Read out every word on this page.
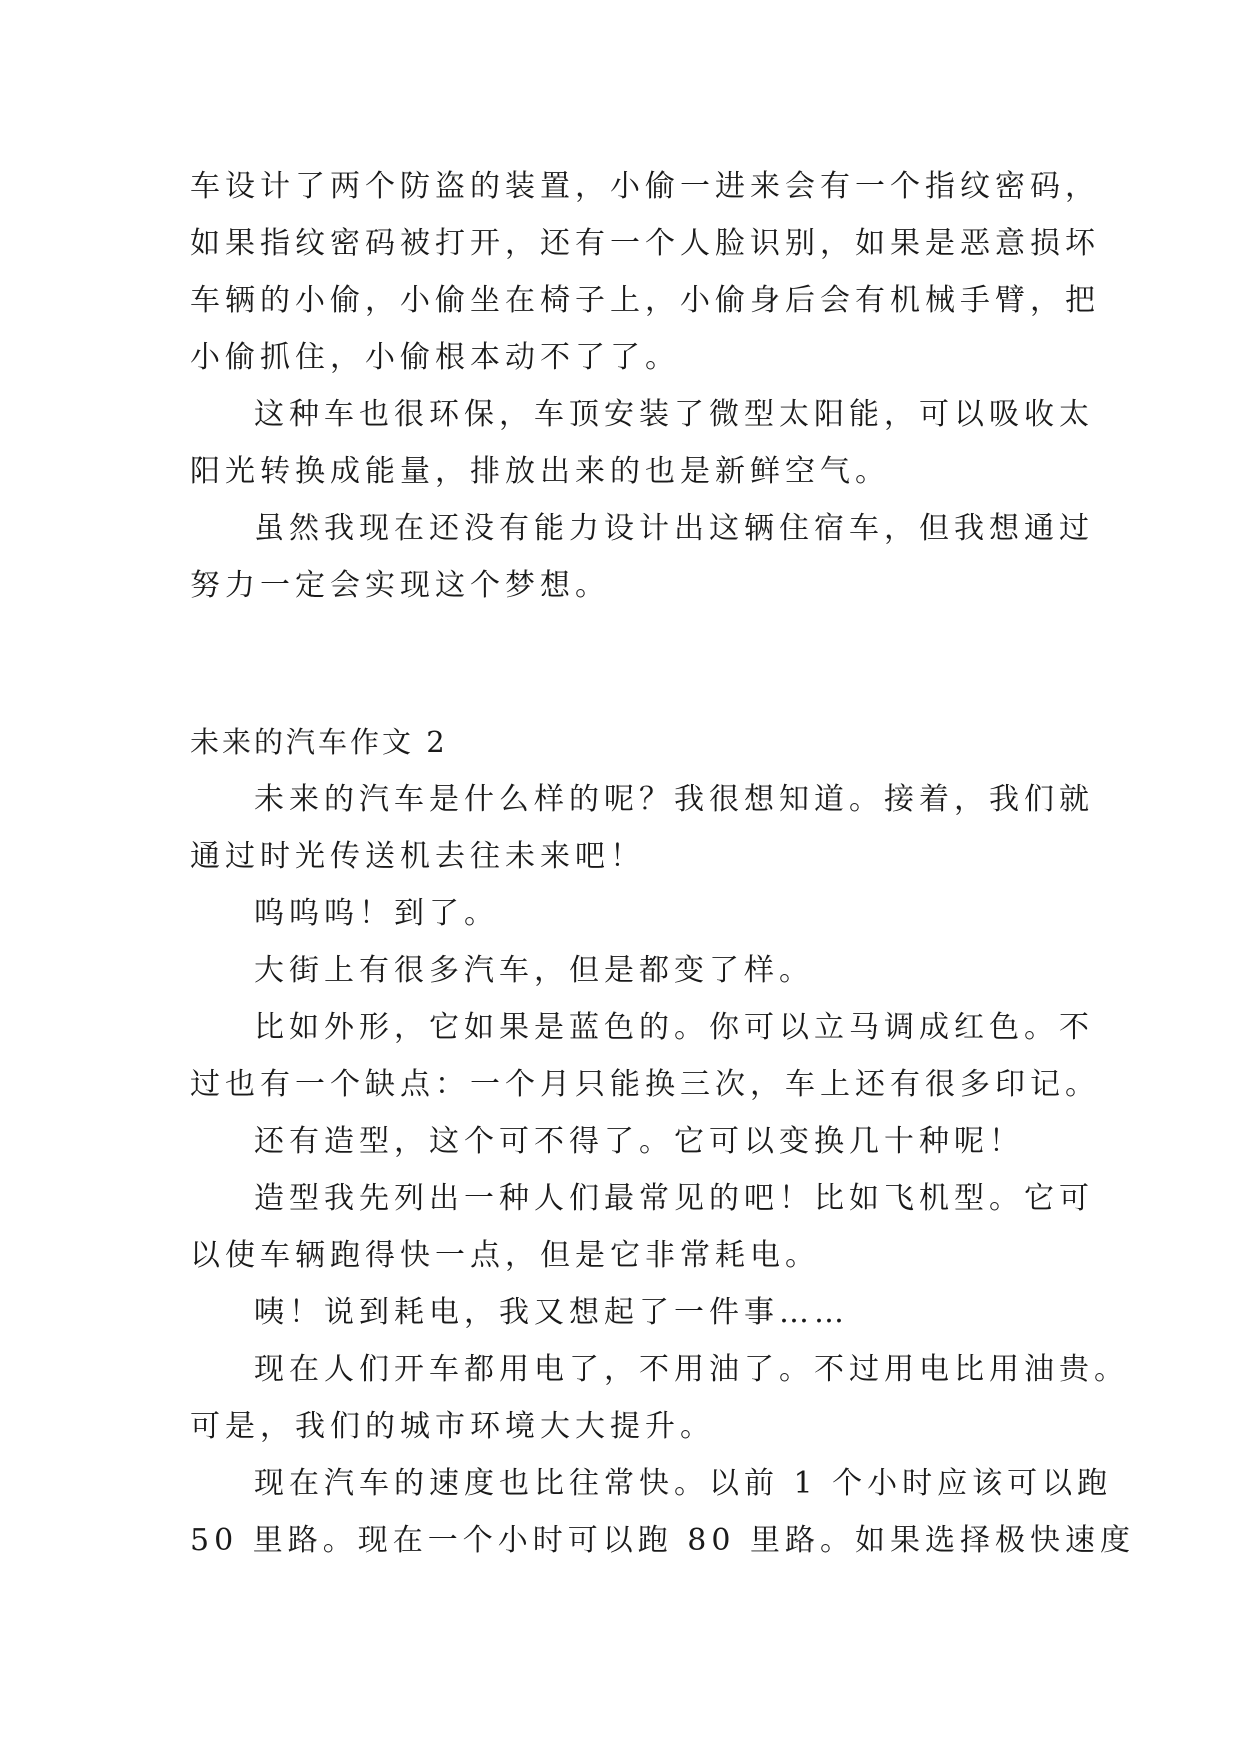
车设计了两个防盗的装置，小偷一进来会有一个指纹密码，
如果指纹密码被打开，还有一个人脸识别，如果是恶意损坏
车辆的小偷，小偷坐在椅子上，小偷身后会有机械手臂，把
小偷抓住，小偷根本动不了了。
这种车也很环保，车顶安装了微型太阳能，可以吸收太
阳光转换成能量，排放出来的也是新鲜空气。
虽然我现在还没有能力设计出这辆住宿车，但我想通过
努力一定会实现这个梦想。
未来的汽车作文 2
未来的汽车是什么样的呢？我很想知道。接着，我们就
通过时光传送机去往未来吧！
呜呜呜！到了。
大街上有很多汽车，但是都变了样。
比如外形，它如果是蓝色的。你可以立马调成红色。不
过也有一个缺点：一个月只能换三次，车上还有很多印记。
还有造型，这个可不得了。它可以变换几十种呢！
造型我先列出一种人们最常见的吧！比如飞机型。它可
以使车辆跑得快一点，但是它非常耗电。
咦！说到耗电，我又想起了一件事……
现在人们开车都用电了，不用油了。不过用电比用油贵。
可是，我们的城市环境大大提升。
现在汽车的速度也比往常快。以前 1 个小时应该可以跑
50 里路。现在一个小时可以跑 80 里路。如果选择极快速度
